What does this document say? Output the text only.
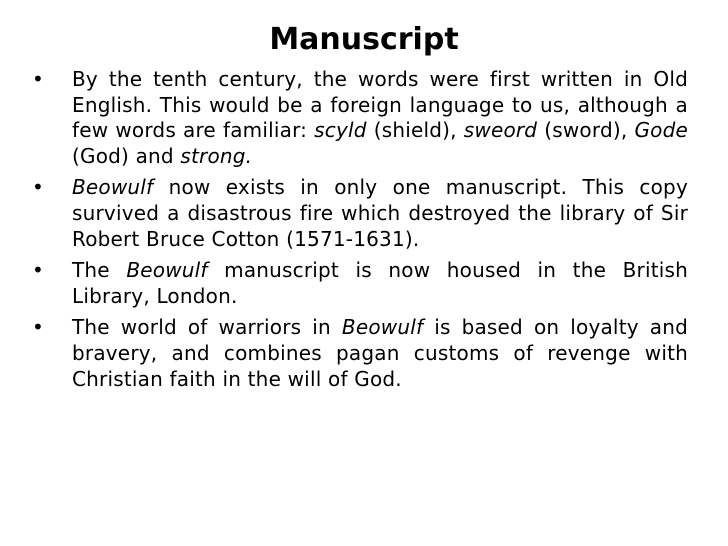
Manuscript
• By the tenth century, the words were first written in Old English. This would be a foreign language to us, although a few words are familiar: scyld (shield), sweord (sword), Gode (God) and strong.
• Beowulf now exists in only one manuscript. This copy survived a disastrous fire which destroyed the library of Sir Robert Bruce Cotton (1571-1631).
• The Beowulf manuscript is now housed in the British Library, London.
• The world of warriors in Beowulf is based on loyalty and bravery, and combines pagan customs of revenge with Christian faith in the will of God.
